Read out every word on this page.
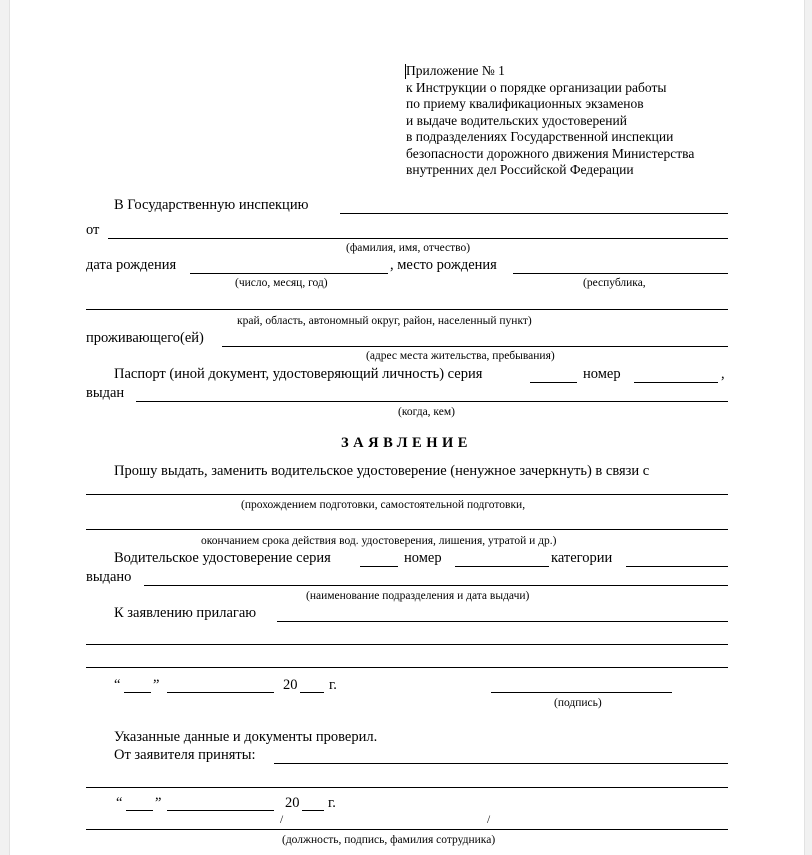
Приложение № 1
к Инструкции о порядке организации работы
по приему квалификационных экзаменов
и выдаче водительских удостоверений
в подразделениях Государственной инспекции
безопасности дорожного движения Министерства
внутренних дел Российской Федерации
В Государственную инспекцию
от
(фамилия, имя, отчество)
дата рождения	, место рождения
(число, месяц, год)	(республика,
край, область, автономный округ, район, населенный пункт)
проживающего(ей)
(адрес места жительства, пребывания)
Паспорт (иной документ, удостоверяющий личность) серия	номер	,
выдан
(когда, кем)
ЗАЯВЛЕНИЕ
Прошу выдать, заменить водительское удостоверение (ненужное зачеркнуть) в связи с
(прохождением подготовки, самостоятельной подготовки,
окончанием срока действия вод. удостоверения, лишения, утратой и др.)
Водительское удостоверение серия	номер	категории
выдано
(наименование подразделения и дата выдачи)
К заявлению прилагаю
“ ”	20 г.
(подпись)
Указанные данные и документы проверил.
От заявителя приняты:
“ ”	20 г.
/	/
(должность, подпись, фамилия сотрудника)
